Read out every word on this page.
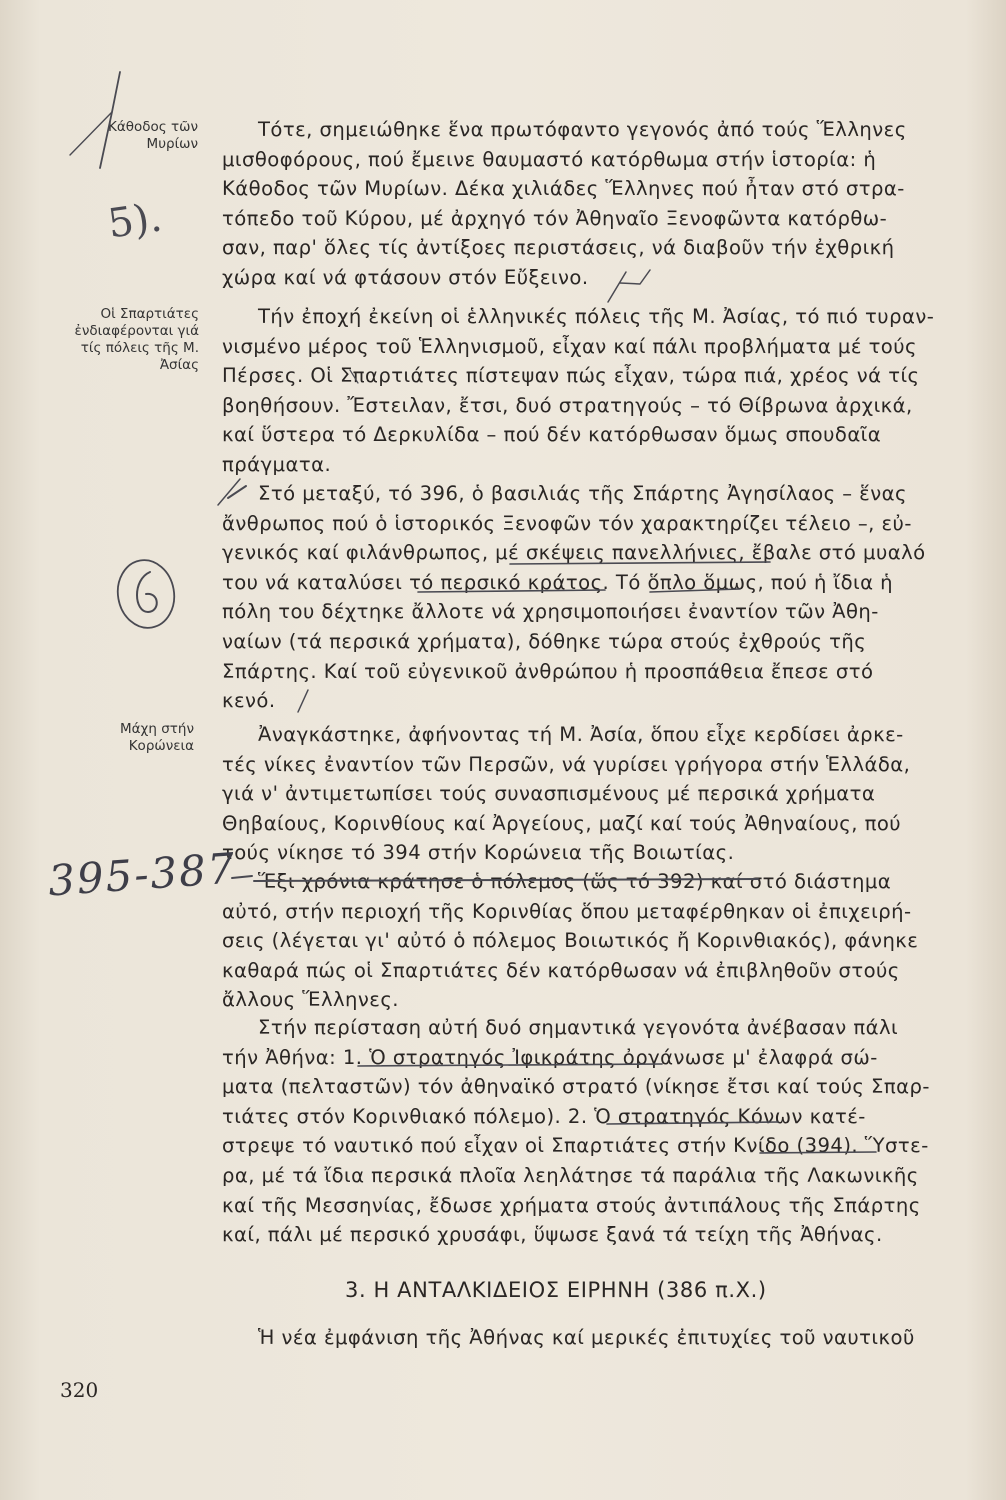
Κάθοδος τῶν Μυρίων
Οἱ Σπαρτιάτες ἐνδιαφέρονται γιά τίς πόλεις τῆς Μ. Ἀσίας
Μάχη στήν Κορώνεια

Τότε, σημειώθηκε ἕνα πρωτόφαντο γεγονός ἀπό τούς Ἕλληνες
μισθοφόρους, πού ἔμεινε θαυμαστό κατόρθωμα στήν ἱστορία: ἡ
Κάθοδος τῶν Μυρίων. Δέκα χιλιάδες Ἕλληνες πού ἦταν στό στρα-
τόπεδο τοῦ Κύρου, μέ ἀρχηγό τόν Ἀθηναῖο Ξενοφῶντα κατόρθω-
σαν, παρ' ὅλες τίς ἀντίξοες περιστάσεις, νά διαβοῦν τήν ἐχθρική
χώρα καί νά φτάσουν στόν Εὔξεινο.

Τήν ἐποχή ἐκείνη οἱ ἑλληνικές πόλεις τῆς Μ. Ἀσίας, τό πιό τυραν-
νισμένο μέρος τοῦ Ἑλληνισμοῦ, εἶχαν καί πάλι προβλήματα μέ τούς
Πέρσες. Οἱ Σπαρτιάτες πίστεψαν πώς εἶχαν, τώρα πιά, χρέος νά τίς
βοηθήσουν. Ἔστειλαν, ἔτσι, δυό στρατηγούς – τό Θίβρωνα ἀρχικά,
καί ὕστερα τό Δερκυλίδα – πού δέν κατόρθωσαν ὅμως σπουδαῖα
πράγματα.

Στό μεταξύ, τό 396, ὁ βασιλιάς τῆς Σπάρτης Ἀγησίλαος – ἕνας
ἄνθρωπος πού ὁ ἱστορικός Ξενοφῶν τόν χαρακτηρίζει τέλειο –, εὐ-
γενικός καί φιλάνθρωπος, μέ σκέψεις πανελλήνιες, ἔβαλε στό μυαλό
του νά καταλύσει τό περσικό κράτος. Τό ὅπλο ὅμως, πού ἡ ἴδια ἡ
πόλη του δέχτηκε ἄλλοτε νά χρησιμοποιήσει ἐναντίον τῶν Ἀθη-
ναίων (τά περσικά χρήματα), δόθηκε τώρα στούς ἐχθρούς τῆς
Σπάρτης. Καί τοῦ εὐγενικοῦ ἀνθρώπου ἡ προσπάθεια ἔπεσε στό
κενό.

Ἀναγκάστηκε, ἀφήνοντας τή Μ. Ἀσία, ὅπου εἶχε κερδίσει ἀρκε-
τές νίκες ἐναντίον τῶν Περσῶν, νά γυρίσει γρήγορα στήν Ἑλλάδα,
γιά ν' ἀντιμετωπίσει τούς συνασπισμένους μέ περσικά χρήματα
Θηβαίους, Κορινθίους καί Ἀργείους, μαζί καί τούς Ἀθηναίους, πού
τούς νίκησε τό 394 στήν Κορώνεια τῆς Βοιωτίας.

Ἕξι χρόνια κράτησε ὁ πόλεμος (ὥς τό 392) καί στό διάστημα
αὐτό, στήν περιοχή τῆς Κορινθίας ὅπου μεταφέρθηκαν οἱ ἐπιχειρή-
σεις (λέγεται γι' αὐτό ὁ πόλεμος Βοιωτικός ἤ Κορινθιακός), φάνηκε
καθαρά πώς οἱ Σπαρτιάτες δέν κατόρθωσαν νά ἐπιβληθοῦν στούς
ἄλλους Ἕλληνες.

Στήν περίσταση αὐτή δυό σημαντικά γεγονότα ἀνέβασαν πάλι
τήν Ἀθήνα: 1. Ὁ στρατηγός Ἰφικράτης ὀργάνωσε μ' ἐλαφρά σώ-
ματα (πελταστῶν) τόν ἀθηναϊκό στρατό (νίκησε ἔτσι καί τούς Σπαρ-
τιάτες στόν Κορινθιακό πόλεμο). 2. Ὁ στρατηγός Κόνων κατέ-
στρεψε τό ναυτικό πού εἶχαν οἱ Σπαρτιάτες στήν Κνίδο (394). Ὕστε-
ρα, μέ τά ἴδια περσικά πλοῖα λεηλάτησε τά παράλια τῆς Λακωνικῆς
καί τῆς Μεσσηνίας, ἔδωσε χρήματα στούς ἀντιπάλους τῆς Σπάρτης
καί, πάλι μέ περσικό χρυσάφι, ὕψωσε ξανά τά τείχη τῆς Ἀθήνας.

3. Η ΑΝΤΑΛΚΙΔΕΙΟΣ ΕΙΡΗΝΗ (386 π.Χ.)

Ἡ νέα ἐμφάνιση τῆς Ἀθήνας καί μερικές ἐπιτυχίες τοῦ ναυτικοῦ

320
5).
395-387
